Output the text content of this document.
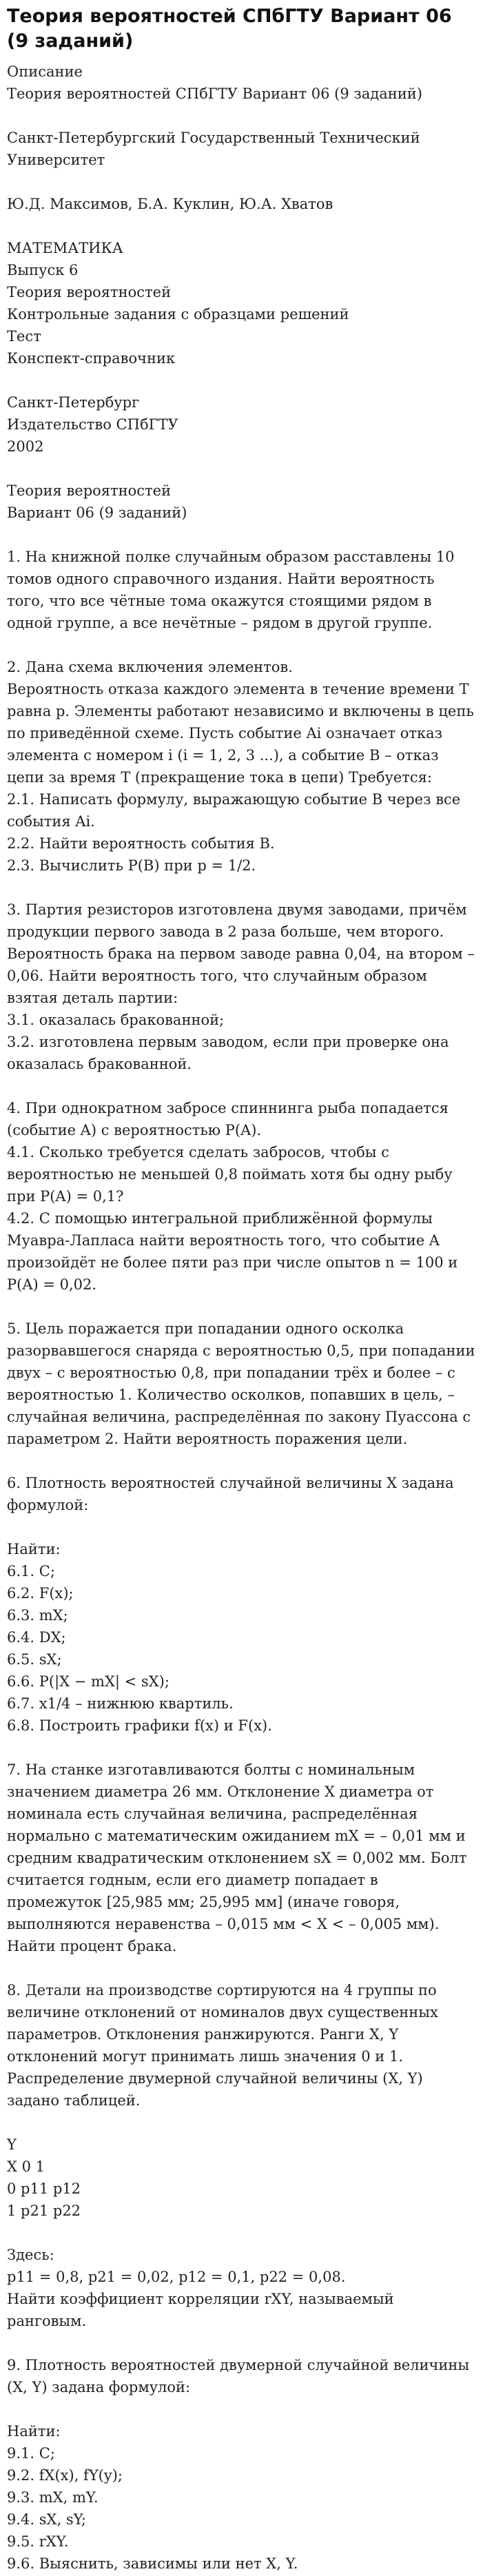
Теория вероятностей СПбГТУ Вариант 06 (9 заданий)
Описание

Теория вероятностей СПбГТУ Вариант 06 (9 заданий)

Санкт-Петербургский Государственный Технический Университет

Ю.Д. Максимов, Б.А. Куклин, Ю.А. Хватов

МАТЕМАТИКА

Выпуск 6

Теория вероятностей

Контрольные задания с образцами решений

Тест

Конспект-справочник

Санкт-Петербург

Издательство СПбГТУ

2002

Теория вероятностей

Вариант 06 (9 заданий)

1. На книжной полке случайным образом расставлены 10 томов одного справочного издания. Найти вероятность того, что все чётные тома окажутся стоящими рядом в одной группе, а все нечётные – рядом в другой группе.

2. Дана схема включения элементов.

Вероятность отказа каждого элемента в течение времени T равна p. Элементы работают независимо и включены в цепь по приведённой схеме. Пусть событие Ai означает отказ элемента с номером i (i = 1, 2, 3 ...), а событие B – отказ цепи за время T (прекращение тока в цепи) Требуется:

2.1. Написать формулу, выражающую событие B через все события Ai.

2.2. Найти вероятность события B.

2.3. Вычислить P(B) при p = 1/2.

3. Партия резисторов изготовлена двумя заводами, причём продукции первого завода в 2 раза больше, чем второго. Вероятность брака на первом заводе равна 0,04, на втором – 0,06. Найти вероятность того, что случайным образом взятая деталь партии:

3.1. оказалась бракованной;

3.2. изготовлена первым заводом, если при проверке она оказалась бракованной.

4. При однократном забросе спиннинга рыба попадается (событие A) с вероятностью P(A).

4.1. Сколько требуется сделать забросов, чтобы с вероятностью не меньшей 0,8 поймать хотя бы одну рыбу при P(A) = 0,1?

4.2. С помощью интегральной приближённой формулы Муавра-Лапласа найти вероятность того, что событие A произойдёт не более пяти раз при числе опытов n = 100 и P(A) = 0,02.

5. Цель поражается при попадании одного осколка разорвавшегося снаряда с вероятностью 0,5, при попадании двух – с вероятностью 0,8, при попадании трёх и более – с вероятностью 1. Количество осколков, попавших в цель, – случайная величина, распределённая по закону Пуассона с параметром 2. Найти вероятность поражения цели.

6. Плотность вероятностей случайной величины X задана формулой:

Найти:

6.1. C;

6.2. F(x);

6.3. mX;

6.4. DX;

6.5. sX;

6.6. P(|X − mX| < sX);

6.7. x1/4 – нижнюю квартиль.

6.8. Построить графики f(x) и F(x).

7. На станке изготавливаются болты с номинальным значением диаметра 26 мм. Отклонение X диаметра от номинала есть случайная величина, распределённая нормально с математическим ожиданием mX = – 0,01 мм и средним квадратическим отклонением sX = 0,002 мм. Болт считается годным, если его диаметр попадает в промежуток [25,985 мм; 25,995 мм] (иначе говоря, выполняются неравенства – 0,015 мм < X < – 0,005 мм). Найти процент брака.

8. Детали на производстве сортируются на 4 группы по величине отклонений от номиналов двух существенных параметров. Отклонения ранжируются. Ранги X, Y отклонений могут принимать лишь значения 0 и 1. Распределение двумерной случайной величины (X, Y) задано таблицей.

Y

X 0 1

0 p11 p12

1 p21 p22

Здесь:

p11 = 0,8, p21 = 0,02, p12 = 0,1, p22 = 0,08.

Найти коэффициент корреляции rXY, называемый ранговым.

9. Плотность вероятностей двумерной случайной величины (X, Y) задана формулой:

Найти:

9.1. C;

9.2. fX(x), fY(y);

9.3. mX, mY.

9.4. sX, sY;

9.5. rXY.

9.6. Выяснить, зависимы или нет X, Y.
